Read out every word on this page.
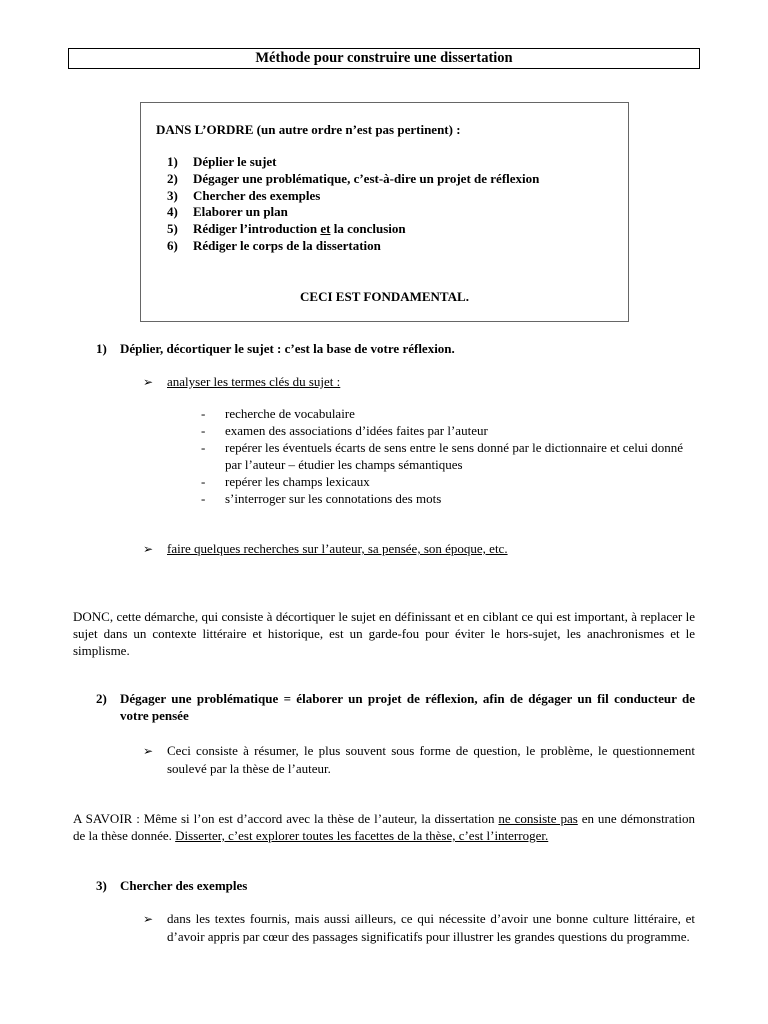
Méthode pour construire une dissertation
DANS L’ORDRE (un autre ordre n’est pas pertinent) :
1) Déplier le sujet
2) Dégager une problématique, c’est-à-dire un projet de réflexion
3) Chercher des exemples
4) Elaborer un plan
5) Rédiger l’introduction et la conclusion
6) Rédiger le corps de la dissertation
CECI EST FONDAMENTAL.
1) Déplier, décortiquer le sujet : c’est la base de votre réflexion.
➢ analyser les termes clés du sujet :
- recherche de vocabulaire
- examen des associations d’idées faites par l’auteur
- repérer les éventuels écarts de sens entre le sens donné par le dictionnaire et celui donné par l’auteur – étudier les champs sémantiques
- repérer les champs lexicaux
- s’interroger sur les connotations des mots
➢ faire quelques recherches sur l’auteur, sa pensée, son époque, etc.
DONC, cette démarche, qui consiste à décortiquer le sujet en définissant et en ciblant ce qui est important, à replacer le sujet dans un contexte littéraire et historique, est un garde-fou pour éviter le hors-sujet, les anachronismes et le simplisme.
2) Dégager une problématique = élaborer un projet de réflexion, afin de dégager un fil conducteur de votre pensée
➢ Ceci consiste à résumer, le plus souvent sous forme de question, le problème, le questionnement soulevé par la thèse de l’auteur.
A SAVOIR : Même si l’on est d’accord avec la thèse de l’auteur, la dissertation ne consiste pas en une démonstration de la thèse donnée. Disserter, c’est explorer toutes les facettes de la thèse, c’est l’interroger.
3) Chercher des exemples
➢ dans les textes fournis, mais aussi ailleurs, ce qui nécessite d’avoir une bonne culture littéraire, et d’avoir appris par cœur des passages significatifs pour illustrer les grandes questions du programme.
